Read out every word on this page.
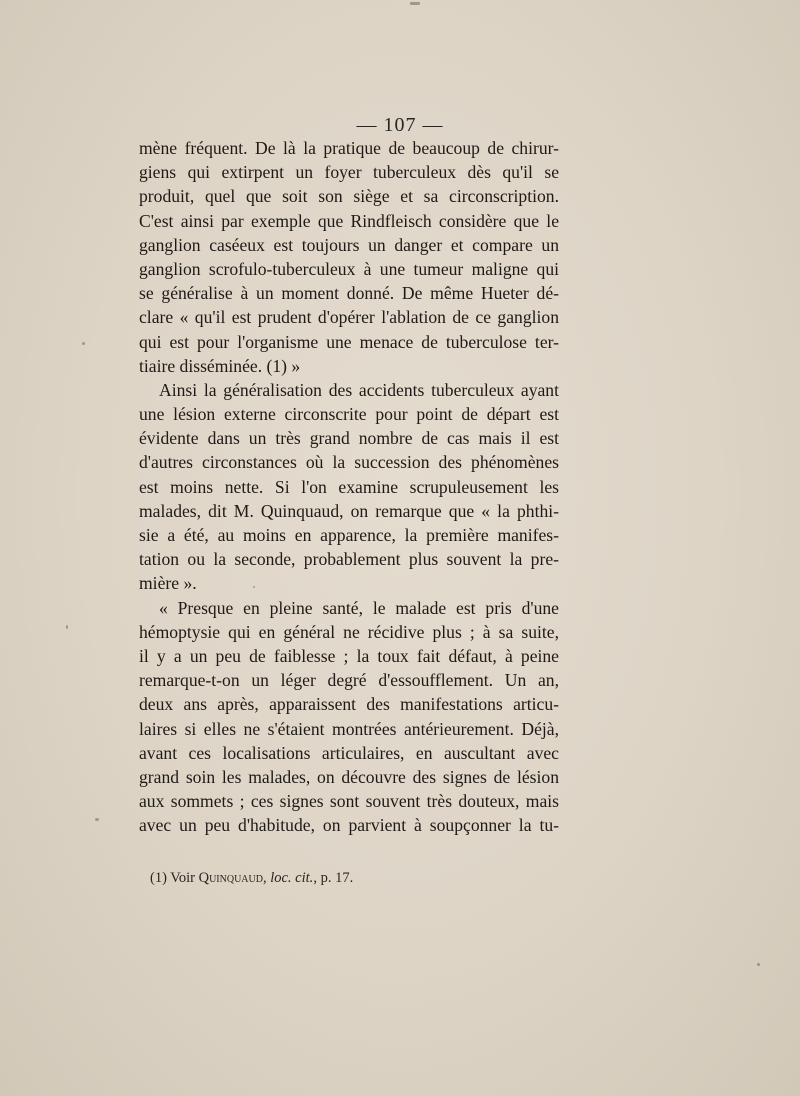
— 107 —
mène fréquent. De là la pratique de beaucoup de chirur-
giens qui extirpent un foyer tuberculeux dès qu'il se
produit, quel que soit son siège et sa circonscription.
C'est ainsi par exemple que Rindfleisch considère que le
ganglion caséeux est toujours un danger et compare un
ganglion scrofulo-tuberculeux à une tumeur maligne qui
se généralise à un moment donné. De même Hueter dé-
clare « qu'il est prudent d'opérer l'ablation de ce ganglion
qui est pour l'organisme une menace de tuberculose ter-
tiaire disséminée. (1) »
Ainsi la généralisation des accidents tuberculeux ayant
une lésion externe circonscrite pour point de départ est
évidente dans un très grand nombre de cas mais il est
d'autres circonstances où la succession des phénomènes
est moins nette. Si l'on examine scrupuleusement les
malades, dit M. Quinquaud, on remarque que « la phthi-
sie a été, au moins en apparence, la première manifes-
tation ou la seconde, probablement plus souvent la pre-
mière ».
« Presque en pleine santé, le malade est pris d'une
hémoptysie qui en général ne récidive plus ; à sa suite,
il y a un peu de faiblesse ; la toux fait défaut, à peine
remarque-t-on un léger degré d'essoufflement. Un an,
deux ans après, apparaissent des manifestations articu-
laires si elles ne s'étaient montrées antérieurement. Déjà,
avant ces localisations articulaires, en auscultant avec
grand soin les malades, on découvre des signes de lésion
aux sommets ; ces signes sont souvent très douteux, mais
avec un peu d'habitude, on parvient à soupçonner la tu-
(1) Voir Quinquaud, loc. cit., p. 17.
